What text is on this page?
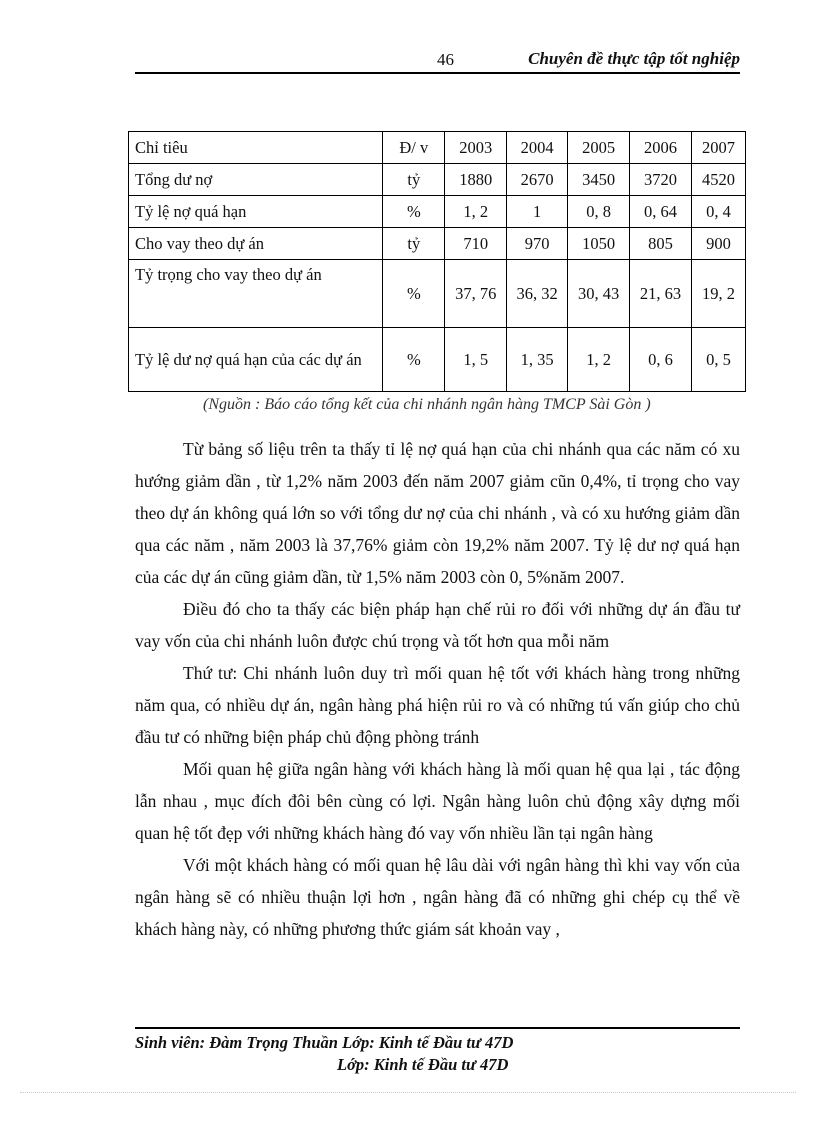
46	Chuyên đề thực tập tốt nghiệp
Chỉ tiêu	Đ/ v	2003	2004	2005	2006	2007
Tổng dư nợ	tỷ	1880	2670	3450	3720	4520
Tỷ lệ nợ quá hạn	%	1, 2	1	0, 8	0, 64	0, 4
Cho vay theo dự án	tỷ	710	970	1050	805	900
Tỷ trọng cho vay theo dự án	%	37, 76	36, 32	30, 43	21, 63	19, 2
Tỷ lệ dư nợ quá hạn của các dự án	%	1, 5	1, 35	1, 2	0, 6	0, 5
(Nguồn : Báo cáo tổng kết của chi nhánh ngân hàng TMCP Sài Gòn )

Từ bảng số liệu trên ta thấy tỉ lệ nợ quá hạn của chi nhánh qua các năm có xu hướng giảm dần , từ 1,2% năm 2003 đến năm 2007 giảm cũn 0,4%, tỉ trọng cho vay theo dự án không quá lớn so với tổng dư nợ của chi nhánh , và có xu hướng giảm dần qua các năm , năm 2003 là 37,76% giảm còn 19,2% năm 2007. Tỷ lệ dư nợ quá hạn của các dự án cũng giảm dần, từ 1,5% năm 2003 còn 0, 5%năm 2007.

Điều đó cho ta thấy các biện pháp hạn chế rủi ro đối với những dự án đầu tư vay vốn của chi nhánh luôn được chú trọng và tốt hơn qua mỗi năm

Thứ tư: Chi nhánh luôn duy trì mối quan hệ tốt với khách hàng trong những năm qua, có nhiều dự án, ngân hàng phá hiện rủi ro và có những tú vấn giúp cho chủ đầu tư có những biện pháp chủ động phòng tránh

Mối quan hệ giữa ngân hàng với khách hàng là mối quan hệ qua lại , tác động lẫn nhau , mục đích đôi bên cùng có lợi. Ngân hàng luôn chủ động xây dựng mối quan hệ tốt đẹp với những khách hàng đó vay vốn nhiều lần tại ngân hàng

Với một khách hàng có mối quan hệ lâu dài với ngân hàng thì khi vay vốn của ngân hàng sẽ có nhiều thuận lợi hơn , ngân hàng đã có những ghi chép cụ thể về khách hàng này, có những phương thức giám sát khoản vay ,

Sinh viên: Đàm Trọng Thuần Lớp: Kinh tế Đầu tư 47D
Lớp: Kinh tế Đầu tư 47D
